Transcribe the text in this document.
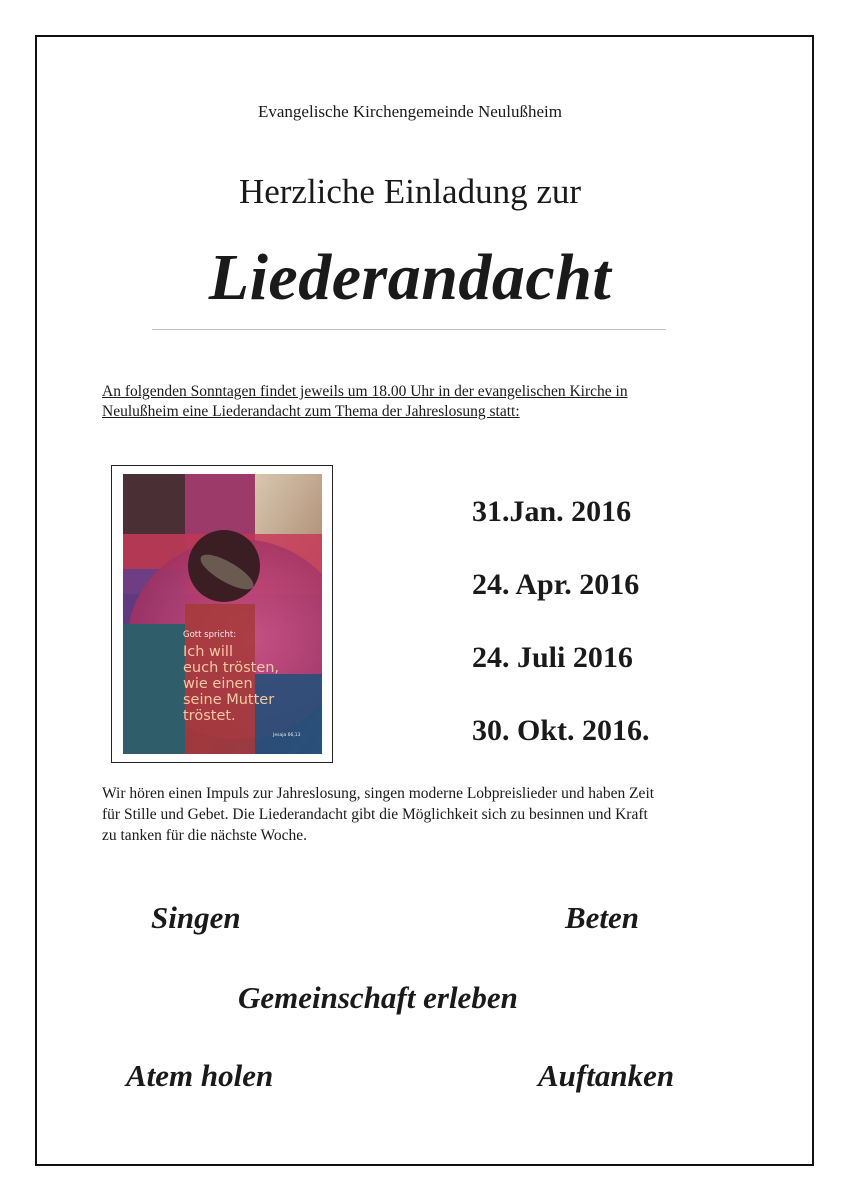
Evangelische Kirchengemeinde Neulußheim
Herzliche Einladung zur
Liederandacht
An folgenden Sonntagen findet jeweils um 18.00 Uhr in der evangelischen Kirche in
Neulußheim eine Liederandacht zum Thema der Jahreslosung statt:
Gott spricht:
Ich will
euch trösten,
wie einen
seine Mutter
tröstet.
Jesaja 66,13
31.Jan. 2016
24. Apr. 2016
24. Juli 2016
30. Okt. 2016.
Wir hören einen Impuls zur Jahreslosung, singen moderne Lobpreislieder und haben Zeit
für Stille und Gebet. Die Liederandacht gibt die Möglichkeit sich zu besinnen und Kraft
zu tanken für die nächste Woche.
Singen	Beten
Gemeinschaft erleben
Atem holen	Auftanken
